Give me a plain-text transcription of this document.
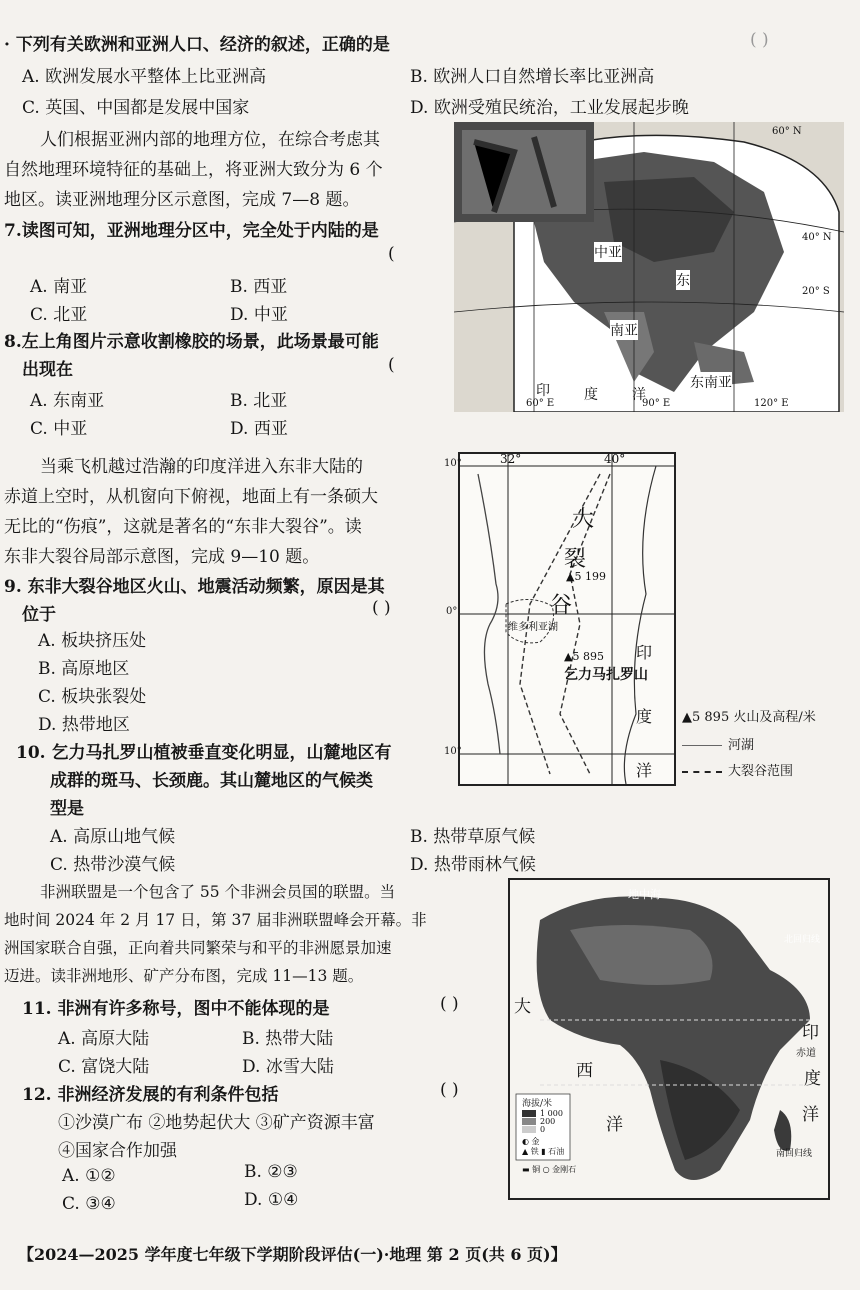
· 下列有关欧洲和亚洲人口、经济的叙述，正确的是	( )
A. 欧洲发展水平整体上比亚洲高	B. 欧洲人口自然增长率比亚洲高
C. 英国、中国都是发展中国家	D. 欧洲受殖民统治，工业发展起步晚
人们根据亚洲内部的地理方位，在综合考虑其
自然地理环境特征的基础上，将亚洲大致分为 6 个
地区。读亚洲地理分区示意图，完成 7—8 题。
7.读图可知，亚洲地理分区中，完全处于内陆的是
(
A. 南亚	B. 西亚
C. 北亚	D. 中亚
8.左上角图片示意收割橡胶的场景，此场景最可能
出现在	(
A. 东南亚	B. 北亚
C. 中亚	D. 西亚
中亚
东
南亚
东南亚
印 度 洋
60° N
40° N
20° S
60° E	90° E	120° E
当乘飞机越过浩瀚的印度洋进入东非大陆的
赤道上空时，从机窗向下俯视，地面上有一条硕大
无比的“伤痕”，这就是著名的“东非大裂谷”。读
东非大裂谷局部示意图，完成 9—10 题。
9. 东非大裂谷地区火山、地震活动频繁，原因是其
位于	( )
A. 板块挤压处
B. 高原地区
C. 板块张裂处
D. 热带地区
10. 乞力马扎罗山植被垂直变化明显，山麓地区有
成群的斑马、长颈鹿。其山麓地区的气候类
型是
A. 高原山地气候	B. 热带草原气候
C. 热带沙漠气候	D. 热带雨林气候
32°	40°
大
裂
谷
▲5 199
▲5 895
乞力马扎罗山
维多利亚湖
印
度
洋
10°
0°
10°
▲5 895 火山及高程/米
河湖
大裂谷范围
非洲联盟是一个包含了 55 个非洲会员国的联盟。当
地时间 2024 年 2 月 17 日，第 37 届非洲联盟峰会开幕。非
洲国家联合自强，正向着共同繁荣与和平的非洲愿景加速
迈进。读非洲地形、矿产分布图，完成 11—13 题。
11. 非洲有许多称号，图中不能体现的是	( )
A. 高原大陆	B. 热带大陆
C. 富饶大陆	D. 冰雪大陆
12. 非洲经济发展的有利条件包括	( )
①沙漠广布 ②地势起伏大 ③矿产资源丰富
④国家合作加强
A. ①②	B. ②③
C. ③④	D. ①④
地中海
大
西
洋
印
度
洋
赤道
北回归线
南回归线
海拔/米
1 000
200
0
◐ 金
▲ 铁 ▮ 石油
▬ 铜 ○ 金刚石
【2024—2025 学年度七年级下学期阶段评估(一)·地理 第 2 页(共 6 页)】
